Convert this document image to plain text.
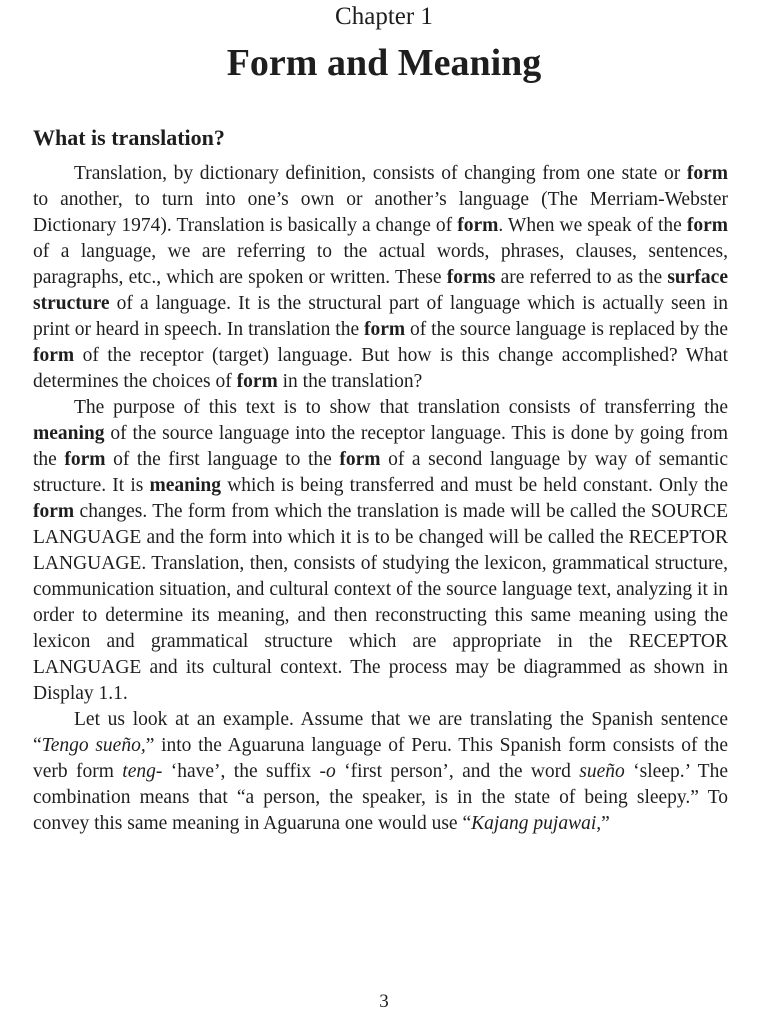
Chapter 1
Form and Meaning
What is translation?

Translation, by dictionary definition, consists of changing from one state or form to another, to turn into one’s own or another’s language (The Merriam-Webster Dictionary 1974). Translation is basically a change of form. When we speak of the form of a language, we are referring to the actual words, phrases, clauses, sentences, paragraphs, etc., which are spoken or written. These forms are referred to as the surface structure of a language. It is the structural part of language which is actually seen in print or heard in speech. In translation the form of the source language is replaced by the form of the receptor (target) language. But how is this change accomplished? What determines the choices of form in the translation?

The purpose of this text is to show that translation consists of transferring the meaning of the source language into the receptor language. This is done by going from the form of the first language to the form of a second language by way of semantic structure. It is meaning which is being transferred and must be held constant. Only the form changes. The form from which the translation is made will be called the SOURCE LANGUAGE and the form into which it is to be changed will be called the RECEPTOR LANGUAGE. Translation, then, consists of studying the lexicon, grammatical structure, communication situation, and cultural context of the source language text, analyzing it in order to determine its meaning, and then reconstructing this same meaning using the lexicon and grammatical structure which are appropriate in the RECEPTOR LANGUAGE and its cultural context. The process may be diagrammed as shown in Display 1.1.

Let us look at an example. Assume that we are translating the Spanish sentence “Tengo sueño,” into the Aguaruna language of Peru. This Spanish form consists of the verb form teng- ‘have’, the suffix -o ‘first person’, and the word sueño ‘sleep.’ The combination means that “a person, the speaker, is in the state of being sleepy.” To convey this same meaning in Aguaruna one would use “Kajang pujawai,”

3
